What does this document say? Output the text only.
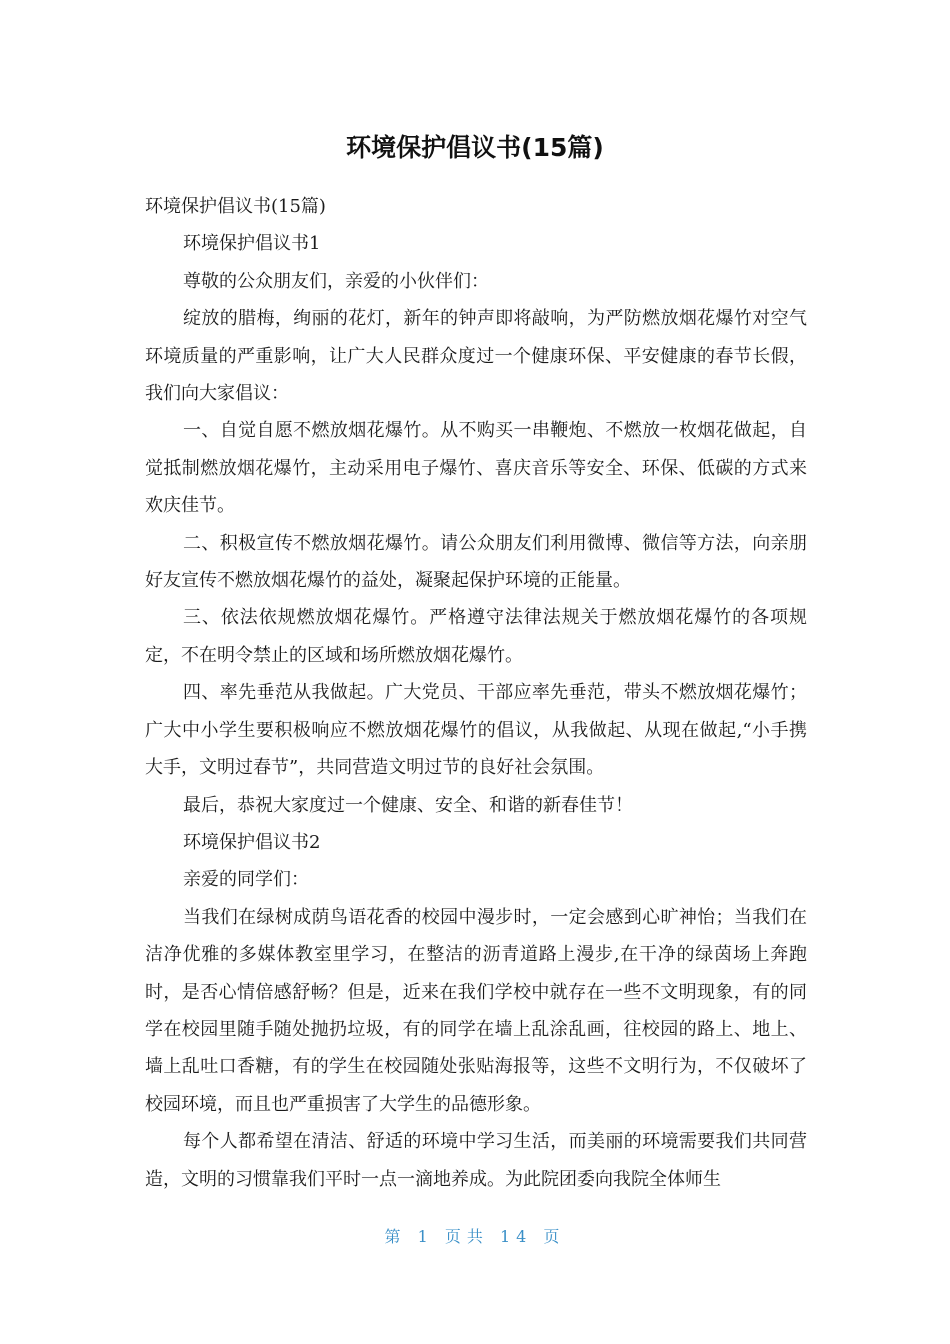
环境保护倡议书(15篇)

环境保护倡议书(15篇)

环境保护倡议书1

尊敬的公众朋友们，亲爱的小伙伴们：

绽放的腊梅，绚丽的花灯，新年的钟声即将敲响，为严防燃放烟花爆竹对空气环境质量的严重影响，让广大人民群众度过一个健康环保、平安健康的春节长假，我们向大家倡议：

一、自觉自愿不燃放烟花爆竹。从不购买一串鞭炮、不燃放一枚烟花做起，自觉抵制燃放烟花爆竹，主动采用电子爆竹、喜庆音乐等安全、环保、低碳的方式来欢庆佳节。

二、积极宣传不燃放烟花爆竹。请公众朋友们利用微博、微信等方法，向亲朋好友宣传不燃放烟花爆竹的益处，凝聚起保护环境的正能量。

三、依法依规燃放烟花爆竹。严格遵守法律法规关于燃放烟花爆竹的各项规定，不在明令禁止的区域和场所燃放烟花爆竹。

四、率先垂范从我做起。广大党员、干部应率先垂范，带头不燃放烟花爆竹；广大中小学生要积极响应不燃放烟花爆竹的倡议，从我做起、从现在做起,“小手携大手，文明过春节”，共同营造文明过节的良好社会氛围。

最后，恭祝大家度过一个健康、安全、和谐的新春佳节！

环境保护倡议书2

亲爱的同学们：

当我们在绿树成荫鸟语花香的校园中漫步时，一定会感到心旷神怡；当我们在洁净优雅的多媒体教室里学习，在整洁的沥青道路上漫步,在干净的绿茵场上奔跑时，是否心情倍感舒畅？但是，近来在我们学校中就存在一些不文明现象，有的同学在校园里随手随处抛扔垃圾，有的同学在墙上乱涂乱画，往校园的路上、地上、墙上乱吐口香糖，有的学生在校园随处张贴海报等，这些不文明行为，不仅破坏了校园环境，而且也严重损害了大学生的品德形象。

每个人都希望在清洁、舒适的环境中学习生活，而美丽的环境需要我们共同营造，文明的习惯靠我们平时一点一滴地养成。为此院团委向我院全体师生

第 1 页共 14 页
